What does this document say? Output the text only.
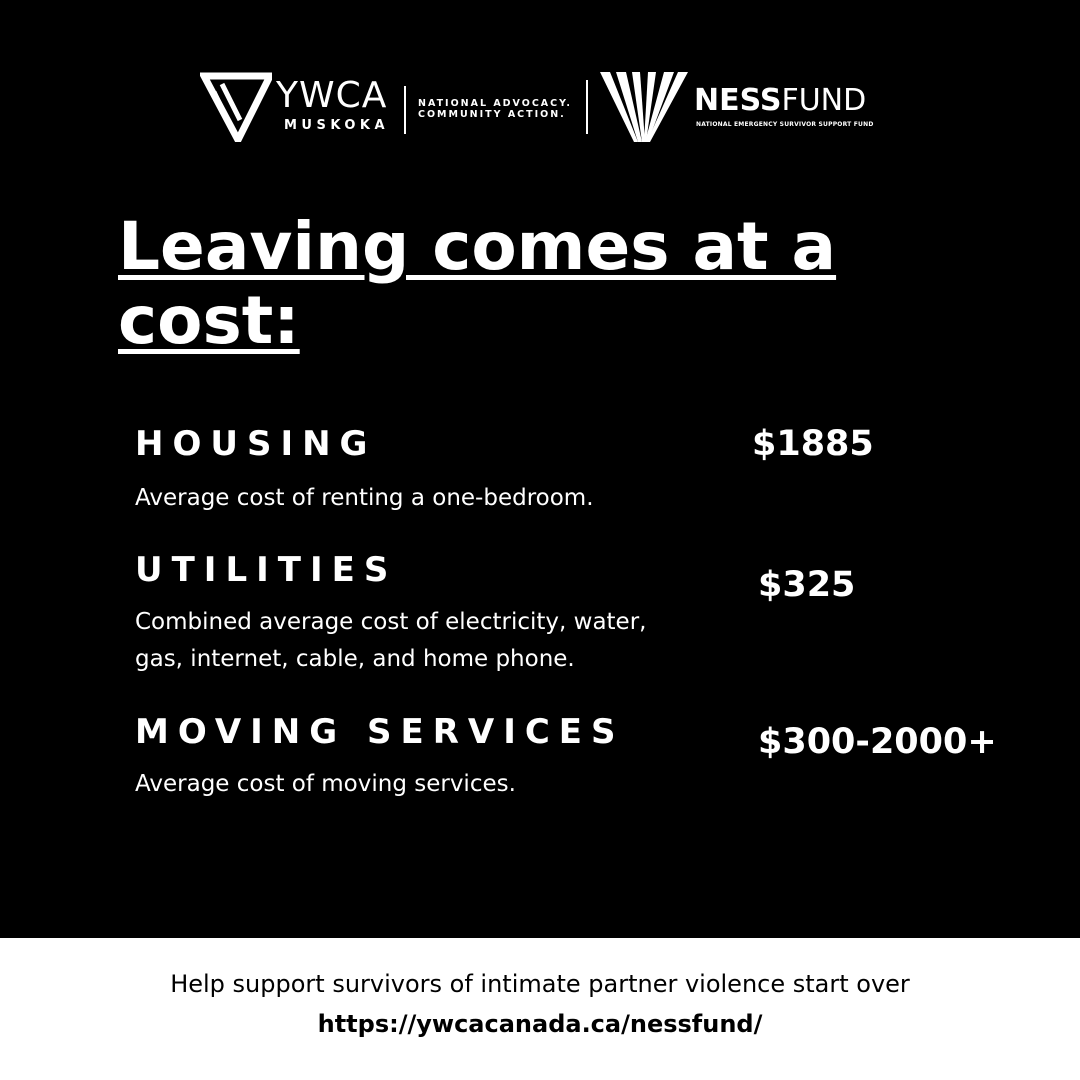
YWCA
MUSKOKA
NATIONAL ADVOCACY.
COMMUNITY ACTION.	NESSFUND
NATIONAL EMERGENCY SURVIVOR SUPPORT FUND
Leaving comes at a cost:
HOUSING
Average cost of renting a one-bedroom.
$1885
UTILITIES
Combined average cost of electricity, water, gas, internet, cable, and home phone.
$325
MOVING SERVICES
Average cost of moving services.
$300-2000+
Help support survivors of intimate partner violence start over
https://ywcacanada.ca/nessfund/
